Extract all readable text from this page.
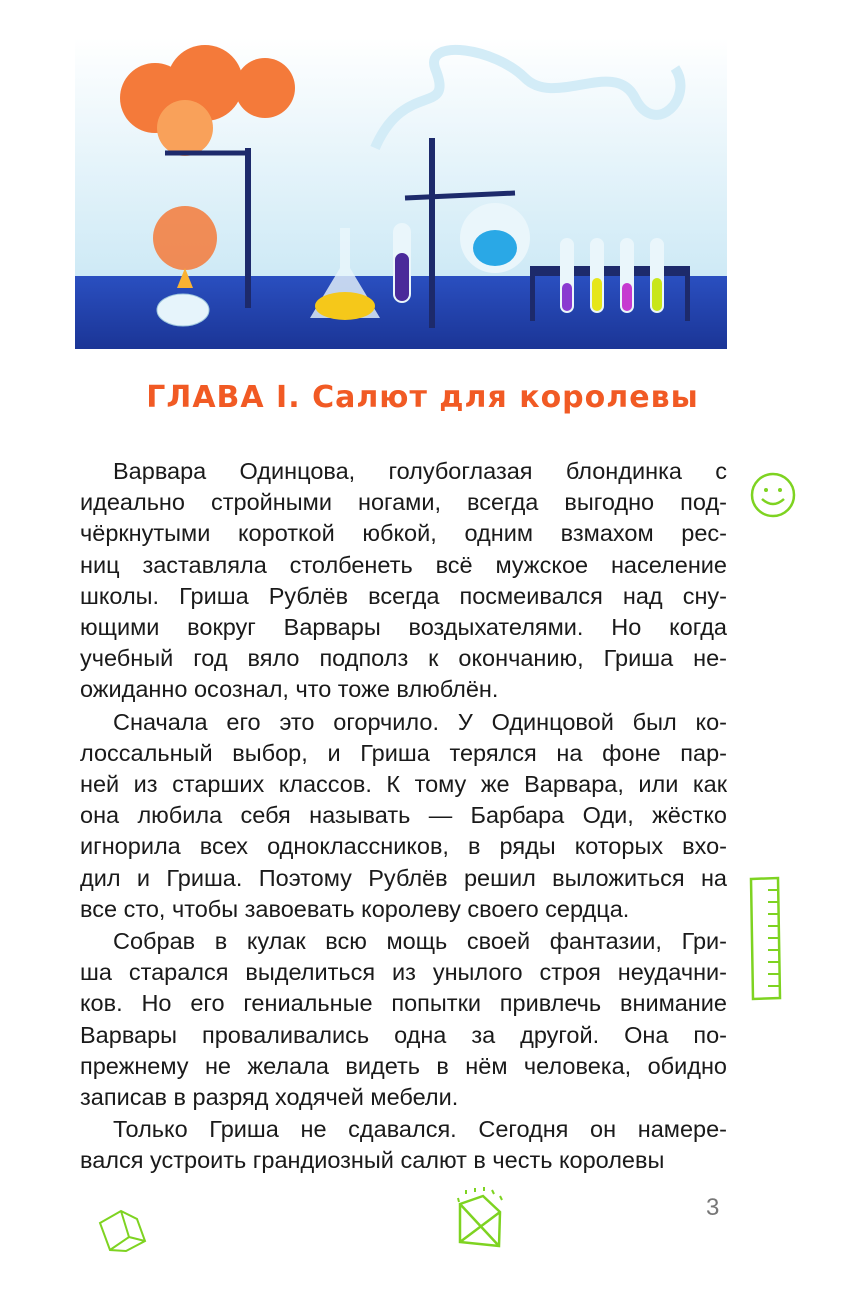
ГЛАВА I. Салют для королевы
Варвара Одинцова, голубоглазая блондинка с
идеально стройными ногами, всегда выгодно под-
чёркнутыми короткой юбкой, одним взмахом рес-
ниц заставляла столбенеть всё мужское население
школы. Гриша Рублёв всегда посмеивался над сну-
ющими вокруг Варвары воздыхателями. Но когда
учебный год вяло подполз к окончанию, Гриша не-
ожиданно осознал, что тоже влюблён.
Сначала его это огорчило. У Одинцовой был ко-
лоссальный выбор, и Гриша терялся на фоне пар-
ней из старших классов. К тому же Варвара, или как
она любила себя называть — Барбара Оди, жёстко
игнорила всех одноклассников, в ряды которых вхо-
дил и Гриша. Поэтому Рублёв решил выложиться на
все сто, чтобы завоевать королеву своего сердца.
Собрав в кулак всю мощь своей фантазии, Гри-
ша старался выделиться из унылого строя неудачни-
ков. Но его гениальные попытки привлечь внимание
Варвары проваливались одна за другой. Она по-
прежнему не желала видеть в нём человека, обидно
записав в разряд ходячей мебели.
Только Гриша не сдавался. Сегодня он намере-
вался устроить грандиозный салют в честь королевы
3
